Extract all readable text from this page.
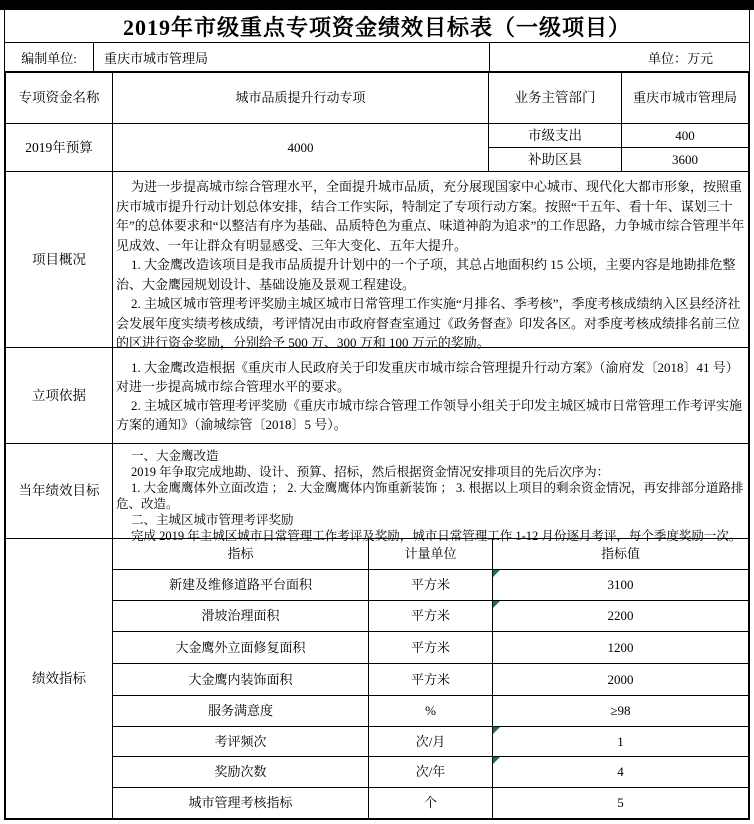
2019年市级重点专项资金绩效目标表（一级项目）
编制单位:	重庆市城市管理局	单位：万元
专项资金名称	城市品质提升行动专项	业务主管部门	重庆市城市管理局
2019年预算	4000
市级支出	400
补助区县	3600
项目概况

为进一步提高城市综合管理水平，全面提升城市品质，充分展现国家中心城市、现代化大都市形象，按照重庆市城市提升行动计划总体安排，结合工作实际，特制定了专项行动方案。按照“干五年、看十年、谋划三十年”的总体要求和“以整洁有序为基础、品质特色为重点、味道神韵为追求”的工作思路，力争城市综合管理半年见成效、一年让群众有明显感受、三年大变化、五年大提升。

1. 大金鹰改造该项目是我市品质提升计划中的一个子项，其总占地面积约 15 公顷，主要内容是地勘排危整治、大金鹰园规划设计、基础设施及景观工程建设。

2. 主城区城市管理考评奖励主城区城市日常管理工作实施“月排名、季考核”，季度考核成绩纳入区县经济社会发展年度实绩考核成绩，考评情况由市政府督查室通过《政务督查》印发各区。对季度考核成绩排名前三位的区进行资金奖励，分别给予 500 万、300 万和 100 万元的奖励。

立项依据

1. 大金鹰改造根据《重庆市人民政府关于印发重庆市城市综合管理提升行动方案》（渝府发〔2018〕41 号）对进一步提高城市综合管理水平的要求。

2. 主城区城市管理考评奖励《重庆市城市综合管理工作领导小组关于印发主城区城市日常管理工作考评实施方案的通知》（渝城综管〔2018〕5 号）。

当年绩效目标

一、大金鹰改造

2019 年争取完成地勘、设计、预算、招标，然后根据资金情况安排项目的先后次序为：

1. 大金鹰鹰体外立面改造 ； 2. 大金鹰鹰体内饰重新装饰 ； 3. 根据以上项目的剩余资金情况，再安排部分道路排危、改造。

二、主城区城市管理考评奖励

完成 2019 年主城区城市日常管理工作考评及奖励，城市日常管理工作 1-12 月份逐月考评，每个季度奖励一次。

绩效指标
指标	计量单位	指标值
新建及维修道路平台面积	平方米	3100
滑坡治理面积	平方米	2200
大金鹰外立面修复面积	平方米	1200
大金鹰内装饰面积	平方米	2000
服务满意度	%	≥98
考评频次	次/月	1
奖励次数	次/年	4
城市管理考核指标	个	5
